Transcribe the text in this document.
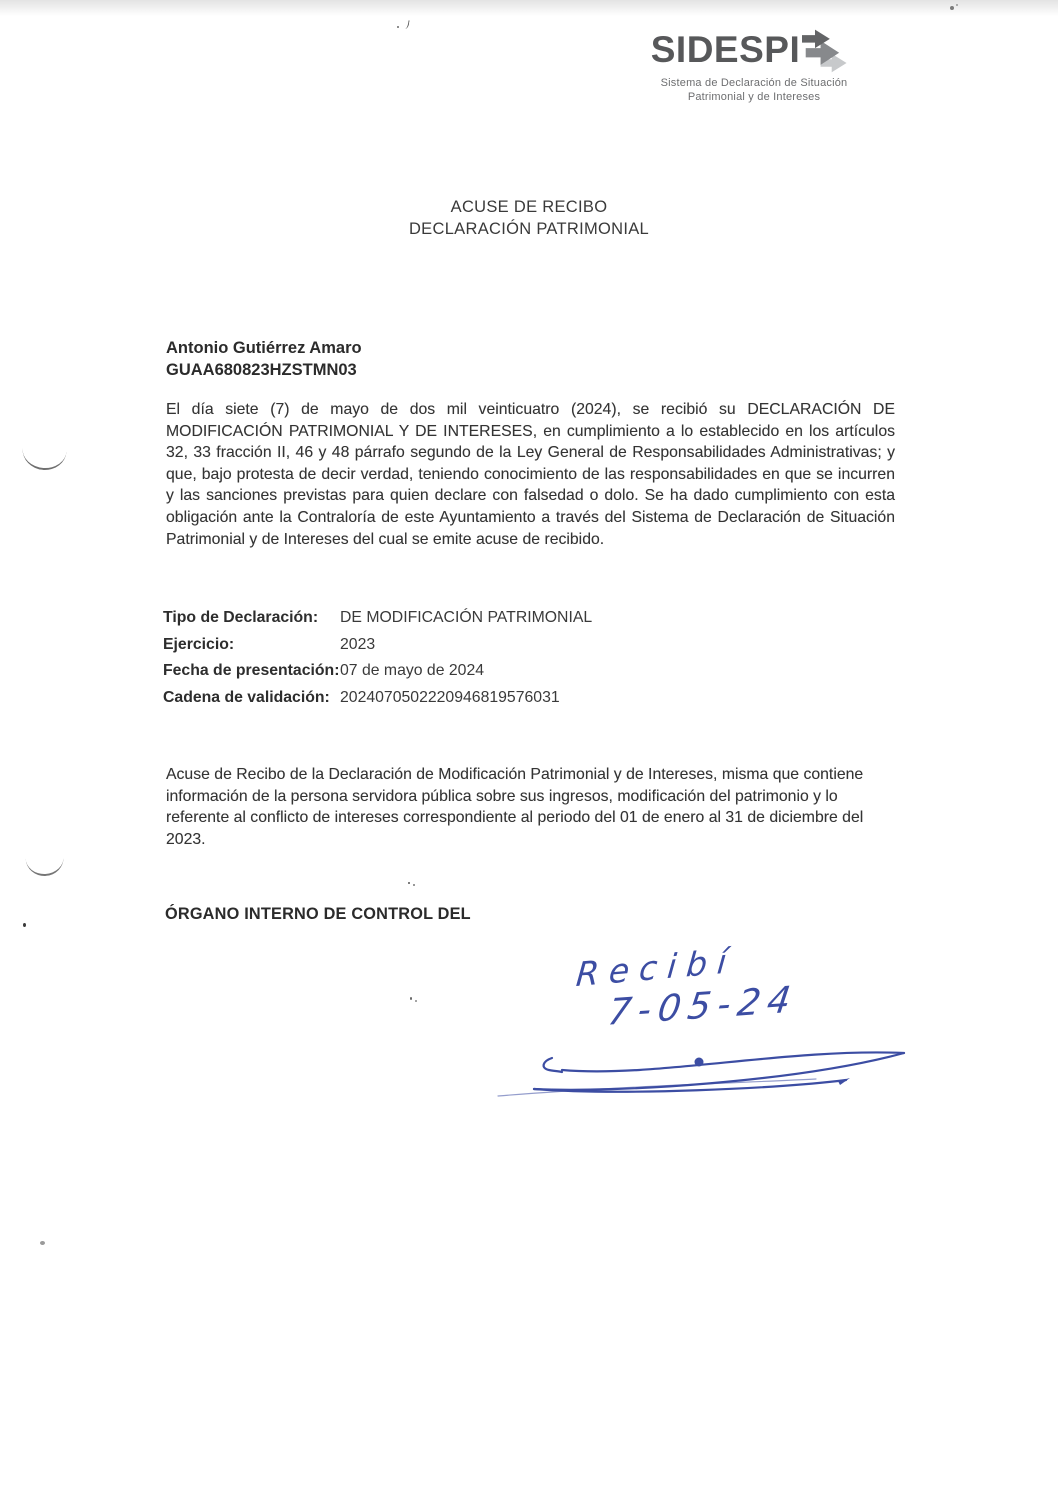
SIDESPI
Sistema de Declaración de Situación
Patrimonial y de Intereses
ACUSE DE RECIBO
DECLARACIÓN PATRIMONIAL
Antonio Gutiérrez Amaro
GUAA680823HZSTMN03
El día siete (7) de mayo de dos mil veinticuatro (2024), se recibió su DECLARACIÓN DE MODIFICACIÓN PATRIMONIAL Y DE INTERESES, en cumplimiento a lo establecido en los artículos 32, 33 fracción II, 46 y 48 párrafo segundo de la Ley General de Responsabilidades Administrativas; y que, bajo protesta de decir verdad, teniendo conocimiento de las responsabilidades en que se incurren y las sanciones previstas para quien declare con falsedad o dolo. Se ha dado cumplimiento con esta obligación ante la Contraloría de este Ayuntamiento a través del Sistema de Declaración de Situación Patrimonial y de Intereses del cual se emite acuse de recibido.
Tipo de Declaración:	DE MODIFICACIÓN PATRIMONIAL
Ejercicio:	2023
Fecha de presentación: 07 de mayo de 2024
Cadena de validación: 2024070502220946819576031
Acuse de Recibo de la Declaración de Modificación Patrimonial y de Intereses, misma que contiene información de la persona servidora pública sobre sus ingresos, modificación del patrimonio y lo referente al conflicto de intereses correspondiente al periodo del 01 de enero al 31 de diciembre del 2023.
ÓRGANO INTERNO DE CONTROL DEL
Recibí
7-05-24
